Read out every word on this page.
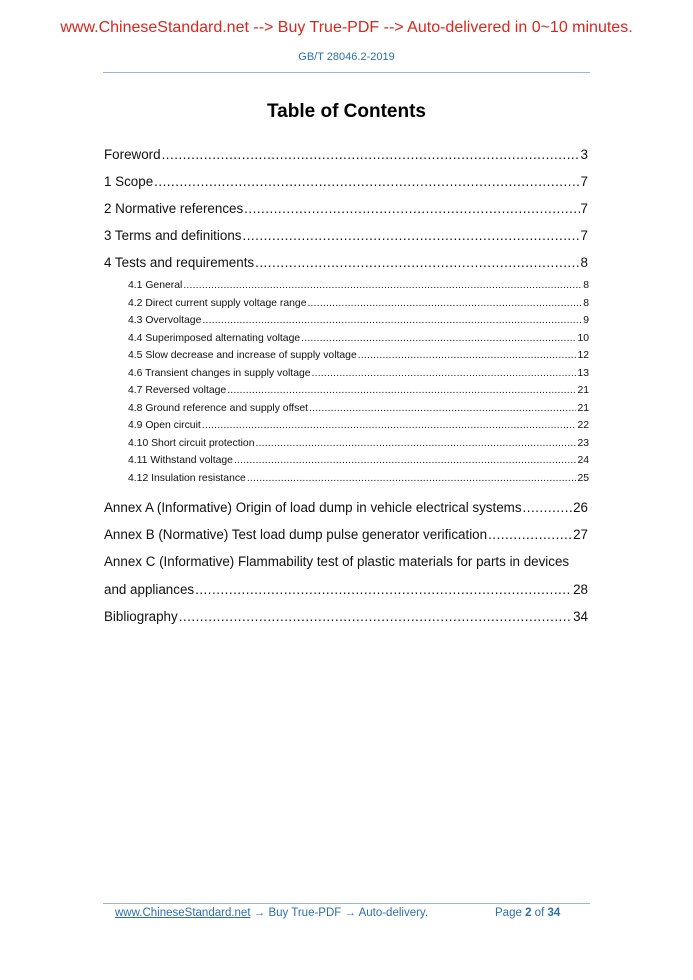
www.ChineseStandard.net --> Buy True-PDF --> Auto-delivered in 0~10 minutes.
GB/T 28046.2-2019
Table of Contents
Foreword .....	3
1 Scope .....	7
2 Normative references .....	7
3 Terms and definitions .....	7
4 Tests and requirements .....	8
4.1 General .....	8
4.2 Direct current supply voltage range .....	8
4.3 Overvoltage .....	9
4.4 Superimposed alternating voltage .....	10
4.5 Slow decrease and increase of supply voltage .....	12
4.6 Transient changes in supply voltage .....	13
4.7 Reversed voltage .....	21
4.8 Ground reference and supply offset .....	21
4.9 Open circuit .....	22
4.10 Short circuit protection .....	23
4.11 Withstand voltage .....	24
4.12 Insulation resistance .....	25
Annex A (Informative) Origin of load dump in vehicle electrical systems .....	26
Annex B (Normative) Test load dump pulse generator verification .....	27
Annex C (Informative) Flammability test of plastic materials for parts in devices
and appliances .....	28
Bibliography .....	34
www.ChineseStandard.net → Buy True-PDF → Auto-delivery.	Page 2 of 34
